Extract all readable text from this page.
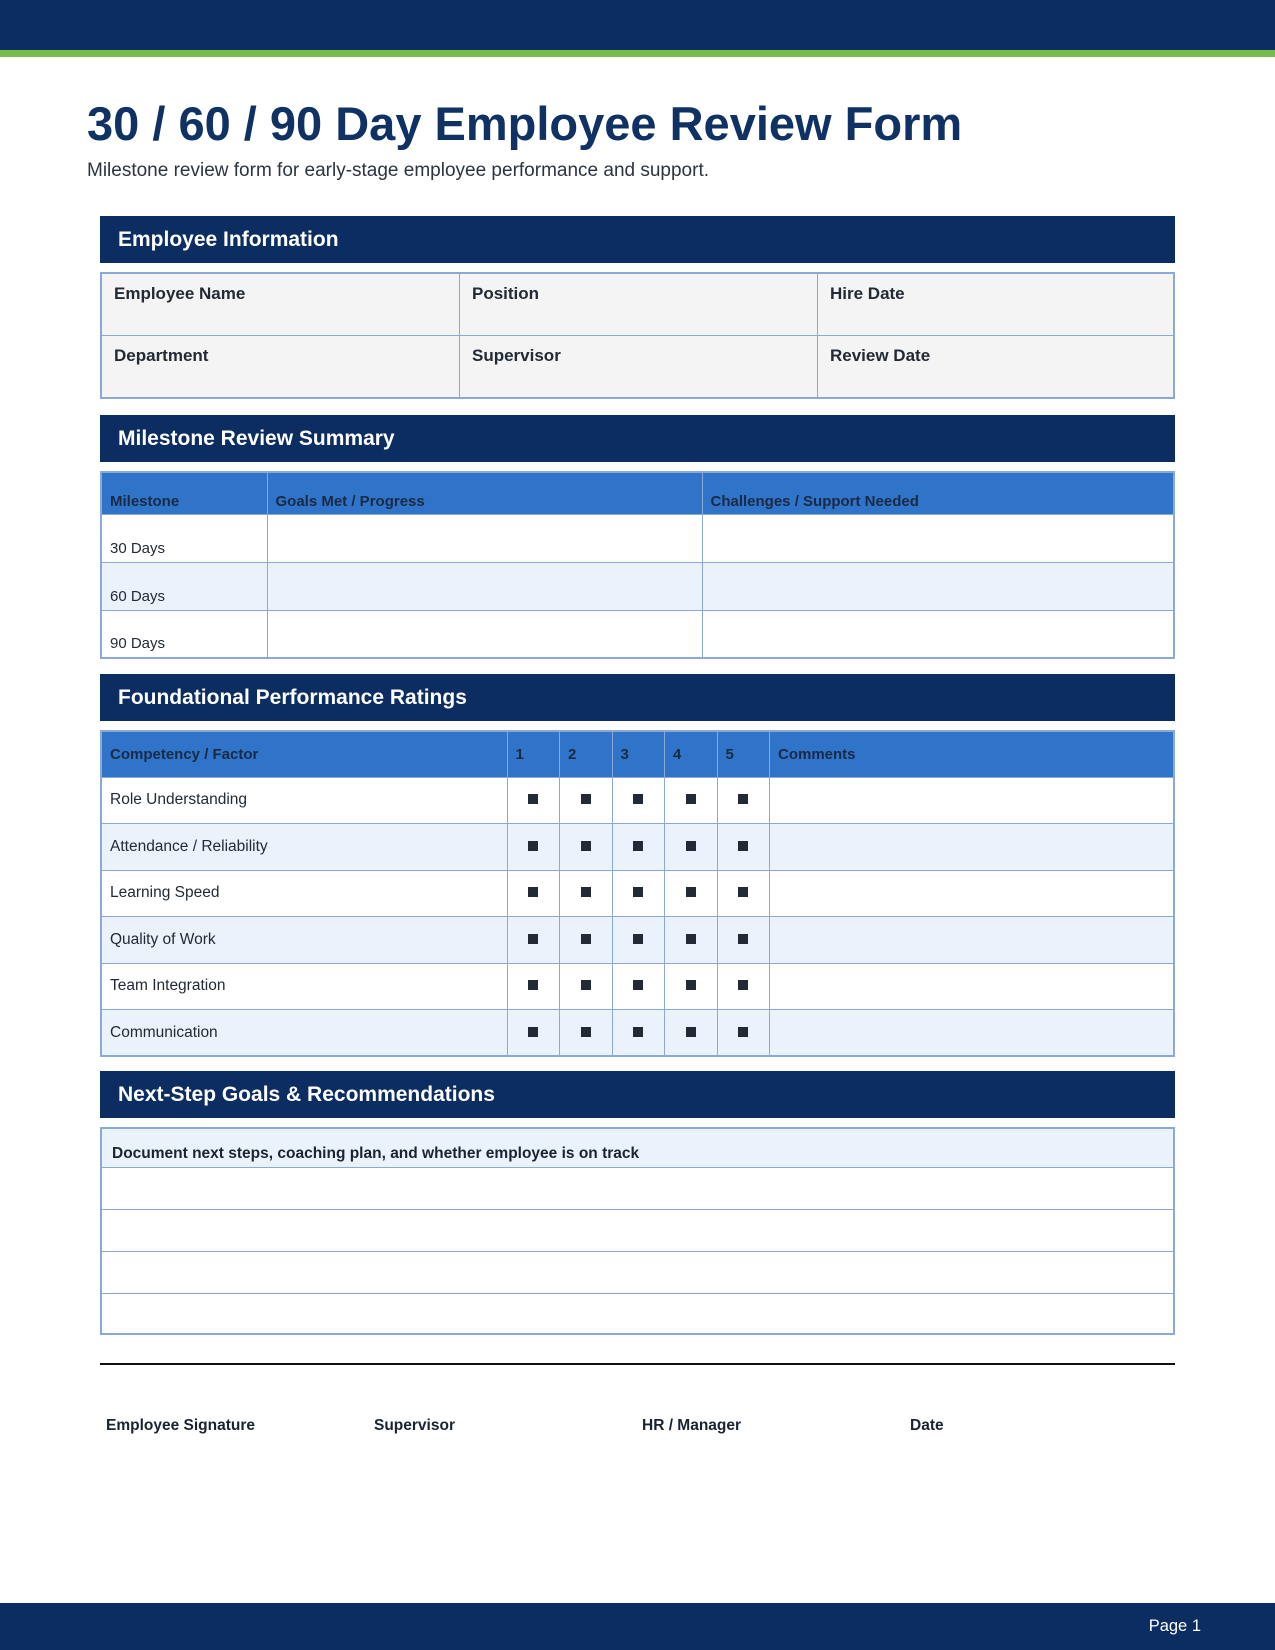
30 / 60 / 90 Day Employee Review Form

Milestone review form for early-stage employee performance and support.

Employee Information
Employee Name	Position	Hire Date
Department	Supervisor	Review Date
Milestone Review Summary
Milestone	Goals Met / Progress	Challenges / Support Needed
30 Days		
60 Days		
90 Days		
Foundational Performance Ratings
Competency / Factor	1	2	3	4	5	Comments
Role Understanding						
Attendance / Reliability						
Learning Speed						
Quality of Work						
Team Integration						
Communication						
Next-Step Goals & Recommendations
Document next steps, coaching plan, and whether employee is on track
Employee Signature	Supervisor	HR / Manager	Date
Page 1
